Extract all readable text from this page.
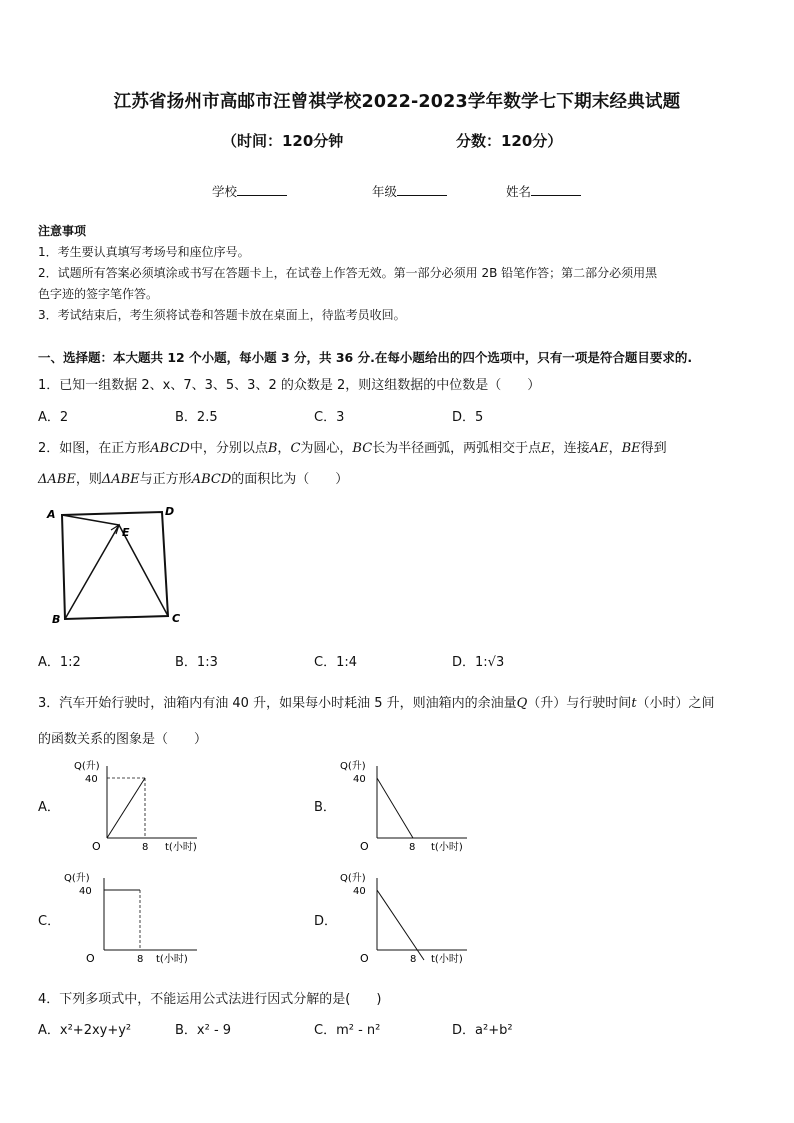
江苏省扬州市高邮市汪曾祺学校2022-2023学年数学七下期末经典试题
（时间：120分钟	分数：120分）
学校	年级	姓名
注意事项
1．考生要认真填写考场号和座位序号。
2．试题所有答案必须填涂或书写在答题卡上，在试卷上作答无效。第一部分必须用 2B 铅笔作答；第二部分必须用黑
色字迹的签字笔作答。
3．考试结束后，考生须将试卷和答题卡放在桌面上，待监考员收回。
一、选择题：本大题共 12 个小题，每小题 3 分，共 36 分.在每小题给出的四个选项中，只有一项是符合题目要求的.
1．已知一组数据 2、x、7、3、5、3、2 的众数是 2，则这组数据的中位数是（　　）
A．2	B．2.5	C．3	D．5
2．如图，在正方形ABCD中，分别以点B，C为圆心，BC长为半径画弧，两弧相交于点E，连接AE，BE得到
ΔABE，则ΔABE与正方形ABCD的面积比为（　　）
A	D
E
B	C
A．1:2	B．1:3	C．1:4	D．1:√3
3．汽车开始行驶时，油箱内有油 40 升，如果每小时耗油 5 升，则油箱内的余油量Q（升）与行驶时间t（小时）之间
的函数关系的图象是（　　）
A．	B．
C．	D．
Q(升)
40
O	8 t(小时)
Q(升)
40
O	8 t(小时)
Q(升)
40
O	8 t(小时)
Q(升)
40
O	8 t(小时)
4．下列多项式中，不能运用公式法进行因式分解的是(　　)
A．x²+2xy+y²	B．x² - 9	C．m² - n²	D．a²+b²
